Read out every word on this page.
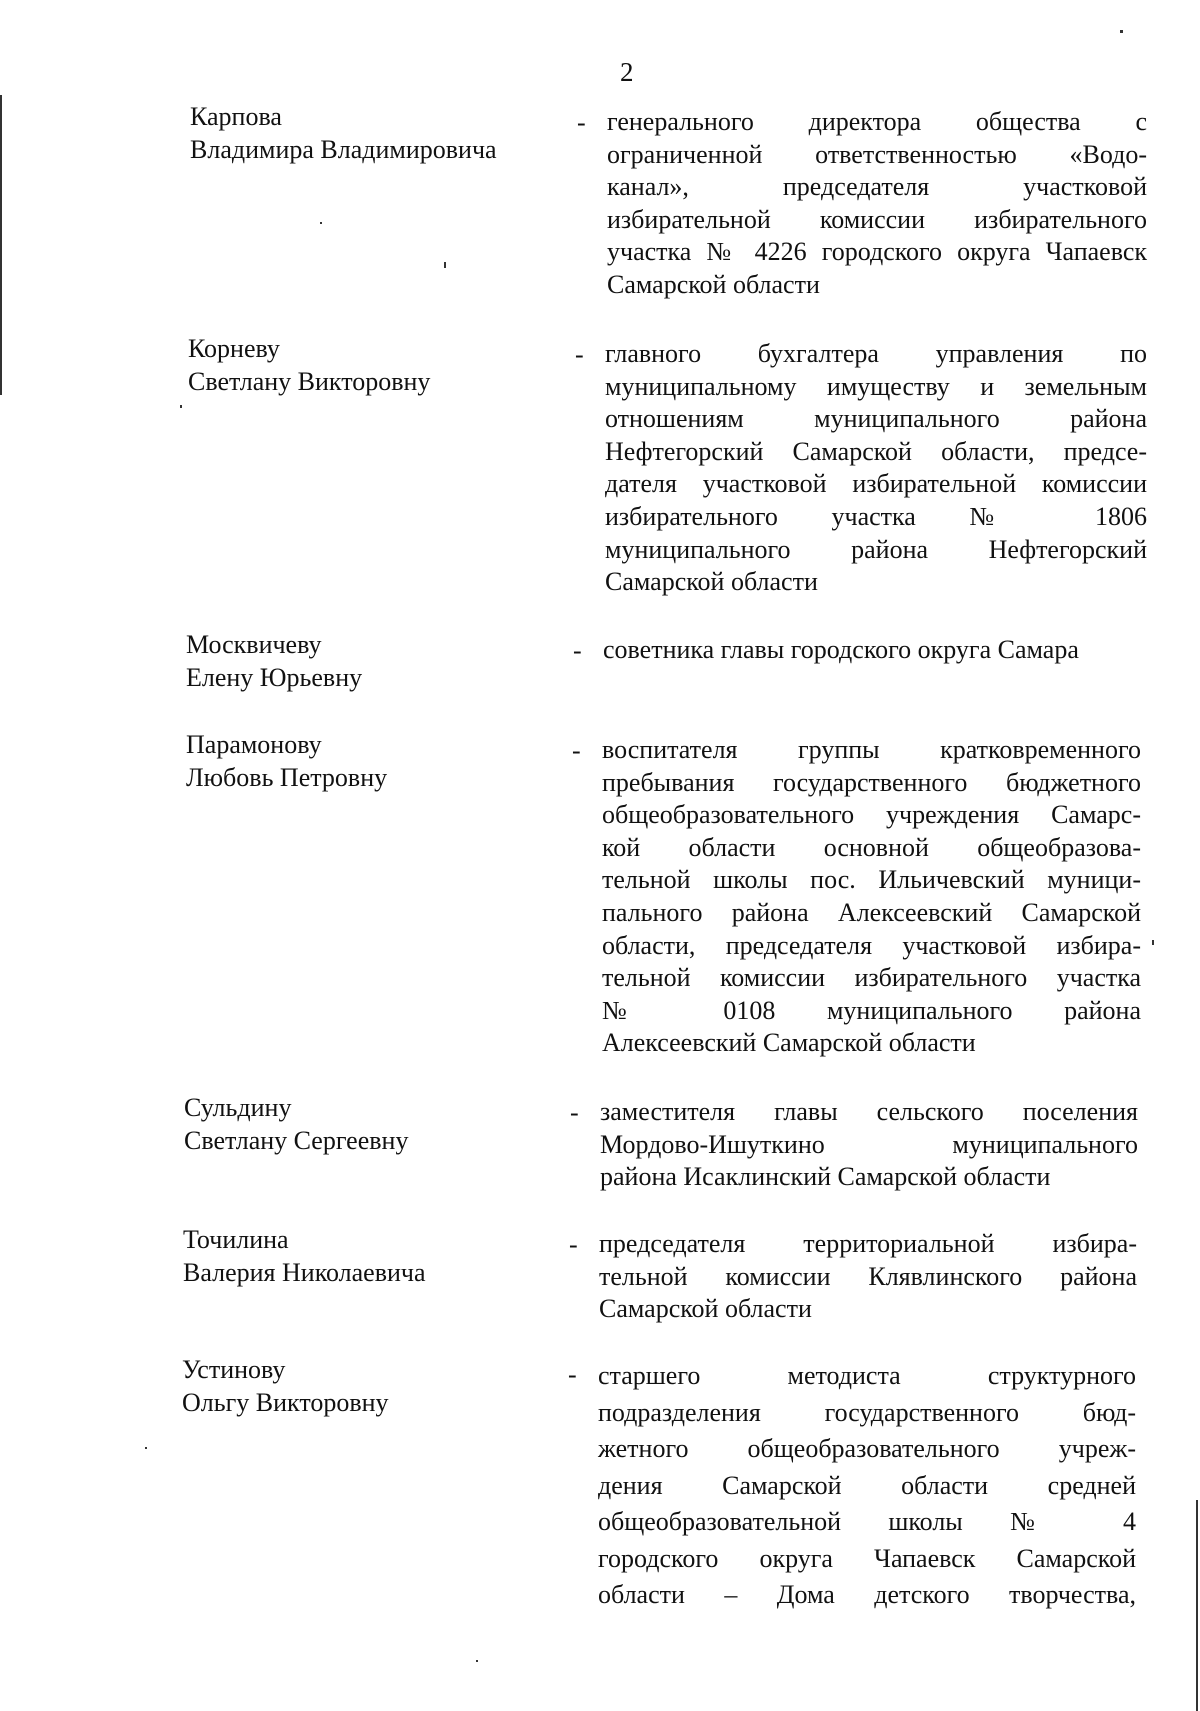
2
Карпова
Владимира Владимировича
- генерального директора общества с
ограниченной ответственностью «Водо-
канал», председателя участковой
избирательной комиссии избирательного
участка № 4226 городского округа Чапаевск
Самарской области
Корневу
Светлану Викторовну
- главного бухгалтера управления по
муниципальному имуществу и земельным
отношениям муниципального района
Нефтегорский Самарской области, предсе-
дателя участковой избирательной комиссии
избирательного участка № 1806
муниципального района Нефтегорский
Самарской области
Москвичеву
Елену Юрьевну
- советника главы городского округа Самара
Парамонову
Любовь Петровну
- воспитателя группы кратковременного
пребывания государственного бюджетного
общеобразовательного учреждения Самарс-
кой области основной общеобразова-
тельной школы пос. Ильичевский муници-
пального района Алексеевский Самарской
области, председателя участковой избира-
тельной комиссии избирательного участка
№ 0108 муниципального района
Алексеевский Самарской области
Сульдину
Светлану Сергеевну
- заместителя главы сельского поселения
Мордово-Ишуткино муниципального
района Исаклинский Самарской области
Точилина
Валерия Николаевича
- председателя территориальной избира-
тельной комиссии Клявлинского района
Самарской области
Устинову
Ольгу Викторовну
- старшего методиста структурного
подразделения государственного бюд-
жетного общеобразовательного учреж-
дения Самарской области средней
общеобразовательной школы № 4
городского округа Чапаевск Самарской
области – Дома детского творчества,
